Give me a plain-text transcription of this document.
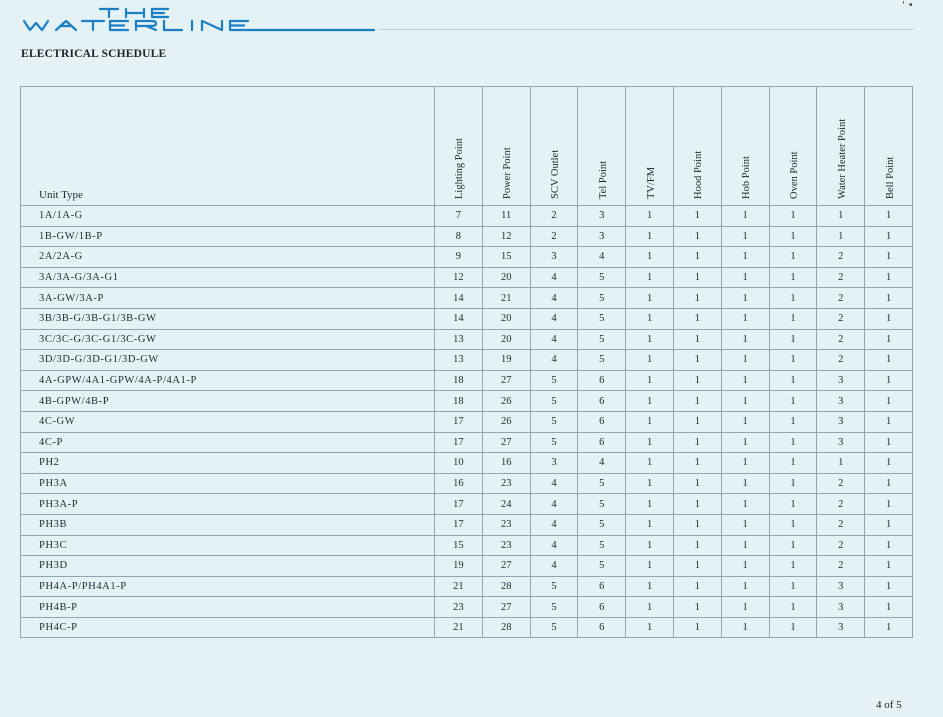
' •
ELECTRICAL SCHEDULE
Unit Type	Lighting Point	Power Point	SCV Outlet	Tel Point	TV/FM	Hood Point	Hob Point	Oven Point	Water Heater Point	Bell Point

1A/1A-G	7	11	2	3	1	1	1	1	1	1
1B-GW/1B-P	8	12	2	3	1	1	1	1	1	1
2A/2A-G	9	15	3	4	1	1	1	1	2	1
3A/3A-G/3A-G1	12	20	4	5	1	1	1	1	2	1
3A-GW/3A-P	14	21	4	5	1	1	1	1	2	1
3B/3B-G/3B-G1/3B-GW	14	20	4	5	1	1	1	1	2	1
3C/3C-G/3C-G1/3C-GW	13	20	4	5	1	1	1	1	2	1
3D/3D-G/3D-G1/3D-GW	13	19	4	5	1	1	1	1	2	1
4A-GPW/4A1-GPW/4A-P/4A1-P	18	27	5	6	1	1	1	1	3	1
4B-GPW/4B-P	18	26	5	6	1	1	1	1	3	1
4C-GW	17	26	5	6	1	1	1	1	3	1
4C-P	17	27	5	6	1	1	1	1	3	1
PH2	10	16	3	4	1	1	1	1	1	1
PH3A	16	23	4	5	1	1	1	1	2	1
PH3A-P	17	24	4	5	1	1	1	1	2	1
PH3B	17	23	4	5	1	1	1	1	2	1
PH3C	15	23	4	5	1	1	1	1	2	1
PH3D	19	27	4	5	1	1	1	1	2	1
PH4A-P/PH4A1-P	21	28	5	6	1	1	1	1	3	1
PH4B-P	23	27	5	6	1	1	1	1	3	1
PH4C-P	21	28	5	6	1	1	1	1	3	1
4 of 5
